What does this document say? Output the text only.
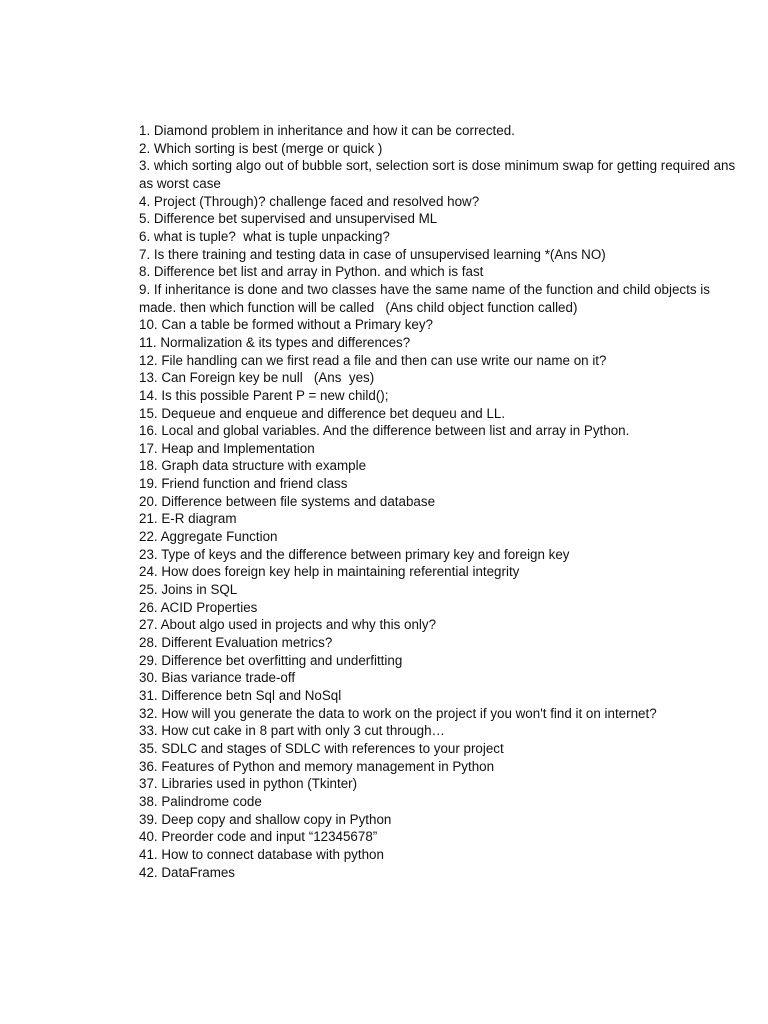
1. Diamond problem in inheritance and how it can be corrected.

2. Which sorting is best (merge or quick )

3. which sorting algo out of bubble sort, selection sort is dose minimum swap for getting required ans as worst case

4. Project (Through)? challenge faced and resolved how?

5. Difference bet supervised and unsupervised ML

6. what is tuple?  what is tuple unpacking?

7. Is there training and testing data in case of unsupervised learning *(Ans NO)

8. Difference bet list and array in Python. and which is fast

9. If inheritance is done and two classes have the same name of the function and child objects is made. then which function will be called   (Ans child object function called)

10. Can a table be formed without a Primary key?

11. Normalization & its types and differences?

12. File handling can we first read a file and then can use write our name on it?

13. Can Foreign key be null   (Ans  yes)

14. Is this possible Parent P = new child();

15. Dequeue and enqueue and difference bet dequeu and LL.

16. Local and global variables. And the difference between list and array in Python.

17. Heap and Implementation

18. Graph data structure with example

19. Friend function and friend class

20. Difference between file systems and database

21. E-R diagram

22. Aggregate Function

23. Type of keys and the difference between primary key and foreign key

24. How does foreign key help in maintaining referential integrity

25. Joins in SQL

26. ACID Properties

27. About algo used in projects and why this only?

28. Different Evaluation metrics?

29. Difference bet overfitting and underfitting

30. Bias variance trade-off

31. Difference betn Sql and NoSql

32. How will you generate the data to work on the project if you won't find it on internet?

33. How cut cake in 8 part with only 3 cut through…

35. SDLC and stages of SDLC with references to your project

36. Features of Python and memory management in Python

37. Libraries used in python (Tkinter)

38. Palindrome code

39. Deep copy and shallow copy in Python

40. Preorder code and input “12345678”

41. How to connect database with python

42. DataFrames
